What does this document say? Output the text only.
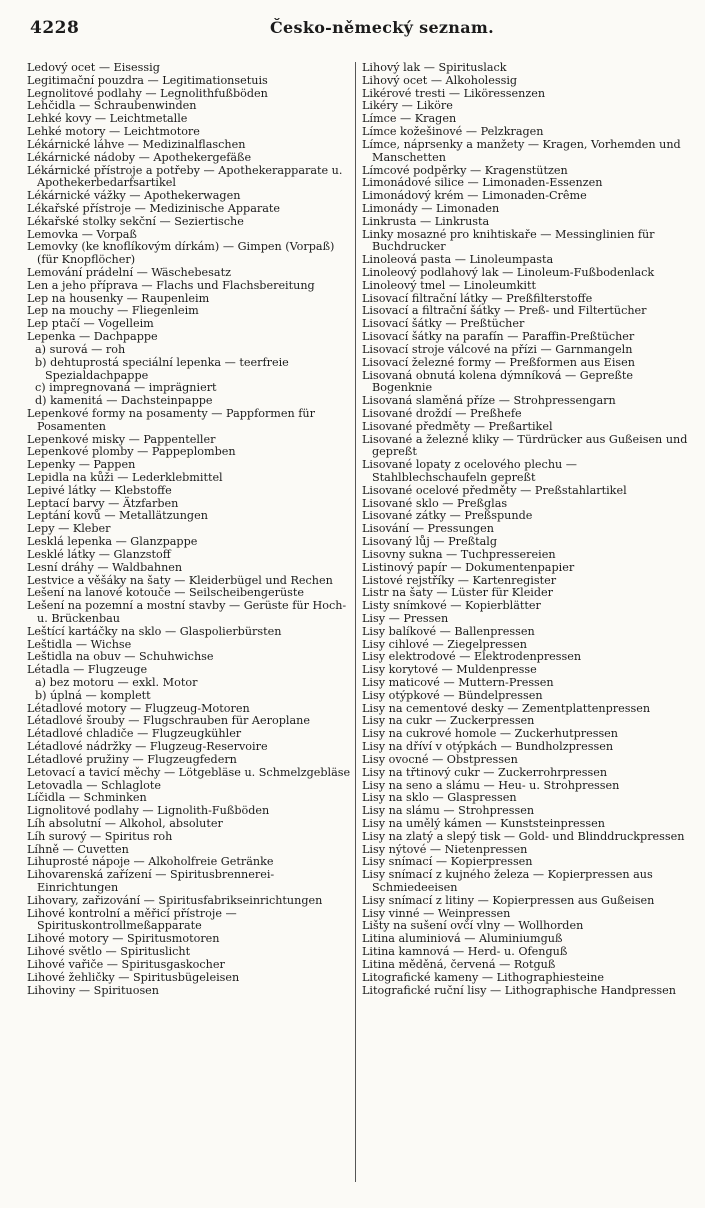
4228	Česko-německý seznam.
Ledový ocet — Eisessig
Legitimační pouzdra — Legitimationsetuis
Legnolitové podlahy — Legnolithfußböden
Lehčidla — Schraubenwinden
Lehké kovy — Leichtmetalle
Lehké motory — Leichtmotore
Lékárnické láhve — Medizinalflaschen
Lékárnické nádoby — Apothekergefäße
Lékárnické přístroje a potřeby — Apothekerapparate u. Apothekerbedarfsartikel
Lékárnické vážky — Apothekerwagen
Lékařské přístroje — Medizinische Apparate
Lékařské stolky sekční — Seziertische
Lemovka — Vorpaß
Lemovky (ke knoflíkovým dírkám) — Gimpen (Vorpaß) (für Knopflöcher)
Lemování prádelní — Wäschebesatz
Len a jeho příprava — Flachs und Flachsbereitung
Lep na housenky — Raupenleim
Lep na mouchy — Fliegenleim
Lep ptačí — Vogelleim
Lepenka — Dachpappe
a) surová — roh
b) dehtuprostá speciální lepenka — teerfreie Spezialdachpappe
c) impregnovaná — imprägniert
d) kamenitá — Dachsteinpappe
Lepenkové formy na posamenty — Pappformen für Posamenten
Lepenkové misky — Pappenteller
Lepenkové plomby — Pappeplomben
Lepenky — Pappen
Lepidla na kůži — Lederklebmittel
Lepivé látky — Klebstoffe
Leptací barvy — Ätzfarben
Leptání kovů — Metallätzungen
Lepy — Kleber
Lesklá lepenka — Glanzpappe
Lesklé látky — Glanzstoff
Lesní dráhy — Waldbahnen
Lestvice a věšáky na šaty — Kleiderbügel und Rechen
Lešení na lanové kotouče — Seilscheibengerüste
Lešení na pozemní a mostní stavby — Gerüste für Hoch- u. Brückenbau
Leštící kartáčky na sklo — Glaspolierbürsten
Leštidla — Wichse
Leštidla na obuv — Schuhwichse
Létadla — Flugzeuge
a) bez motoru — exkl. Motor
b) úplná — komplett
Létadlové motory — Flugzeug-Motoren
Létadlové šrouby — Flugschrauben für Aeroplane
Létadlové chladiče — Flugzeugkühler
Létadlové nádržky — Flugzeug-Reservoire
Létadlové pružiny — Flugzeugfedern
Letovací a tavicí měchy — Lötgebläse u. Schmelzgebläse
Letovadla — Schlaglote
Líčidla — Schminken
Lignolitové podlahy — Lignolith-Fußböden
Líh absolutní — Alkohol, absoluter
Líh surový — Spiritus roh
Líhně — Cuvetten
Lihuprosté nápoje — Alkoholfreie Getränke
Lihovarenská zařízení — Spiritusbrennerei-Einrichtungen
Lihovary, zařizování — Spiritusfabrikseinrichtungen
Lihové kontrolní a měřicí přístroje — Spirituskontrollmeßapparate
Lihové motory — Spiritusmotoren
Lihové světlo — Spirituslicht
Lihové vařiče — Spiritusgaskocher
Lihové žehličky — Spiritusbügeleisen
Lihoviny — Spirituosen
Lihový lak — Spirituslack
Lihový ocet — Alkoholessig
Likérové tresti — Liköressenzen
Likéry — Liköre
Límce — Kragen
Límce kožešinové — Pelzkragen
Límce, náprsenky a manžety — Kragen, Vorhemden und Manschetten
Límcové podpěrky — Kragenstützen
Limonádové silice — Limonaden-Essenzen
Limonádový krém — Limonaden-Crême
Limonády — Limonaden
Linkrusta — Linkrusta
Linky mosazné pro knihtiskaře — Messinglinien für Buchdrucker
Linoleová pasta — Linoleumpasta
Linoleový podlahový lak — Linoleum-Fußbodenlack
Linoleový tmel — Linoleumkitt
Lisovací filtrační látky — Preßfilterstoffe
Lisovací a filtrační šátky — Preß- und Filtertücher
Lisovací šátky — Preßtücher
Lisovací šátky na parafín — Paraffin-Preßtücher
Lisovací stroje válcové na přízi — Garnmangeln
Lisovací železné formy — Preßformen aus Eisen
Lisovaná obnutá kolena dýmníková — Gepreßte Bogenknie
Lisovaná slaměná příze — Strohpressengarn
Lisované droždí — Preßhefe
Lisované předměty — Preßartikel
Lisované a železné kliky — Türdrücker aus Gußeisen und gepreßt
Lisované lopaty z ocelového plechu — Stahlblechschaufeln gepreßt
Lisované ocelové předměty — Preßstahlartikel
Lisované sklo — Preßglas
Lisované zátky — Preßspunde
Lisování — Pressungen
Lisovaný lůj — Preßtalg
Lisovny sukna — Tuchpressereien
Listinový papír — Dokumentenpapier
Listové rejstříky — Kartenregister
Listr na šaty — Lüster für Kleider
Listy snímkové — Kopierblätter
Lisy — Pressen
Lisy balíkové — Ballenpressen
Lisy cihlové — Ziegelpressen
Lisy elektrodové — Elektrodenpressen
Lisy korytové — Muldenpresse
Lisy maticové — Muttern-Pressen
Lisy otýpkové — Bündelpressen
Lisy na cementové desky — Zementplattenpressen
Lisy na cukr — Zuckerpressen
Lisy na cukrové homole — Zuckerhutpressen
Lisy na dříví v otýpkách — Bundholzpressen
Lisy ovocné — Obstpressen
Lisy na třtinový cukr — Zuckerrohrpressen
Lisy na seno a slámu — Heu- u. Strohpressen
Lisy na sklo — Glaspressen
Lisy na slámu — Strohpressen
Lisy na umělý kámen — Kunststeinpressen
Lisy na zlatý a slepý tisk — Gold- und Blinddruckpressen
Lisy nýtové — Nietenpressen
Lisy snímací — Kopierpressen
Lisy snímací z kujného železa — Kopierpressen aus Schmiedeeisen
Lisy snímací z litiny — Kopierpressen aus Gußeisen
Lisy vinné — Weinpressen
Lišty na sušení ovčí vlny — Wollhorden
Litina aluminiová — Aluminiumguß
Litina kamnová — Herd- u. Ofenguß
Litina měděná, červená — Rotguß
Litografické kameny — Lithographiesteine
Litografické ruční lisy — Lithographische Handpressen
